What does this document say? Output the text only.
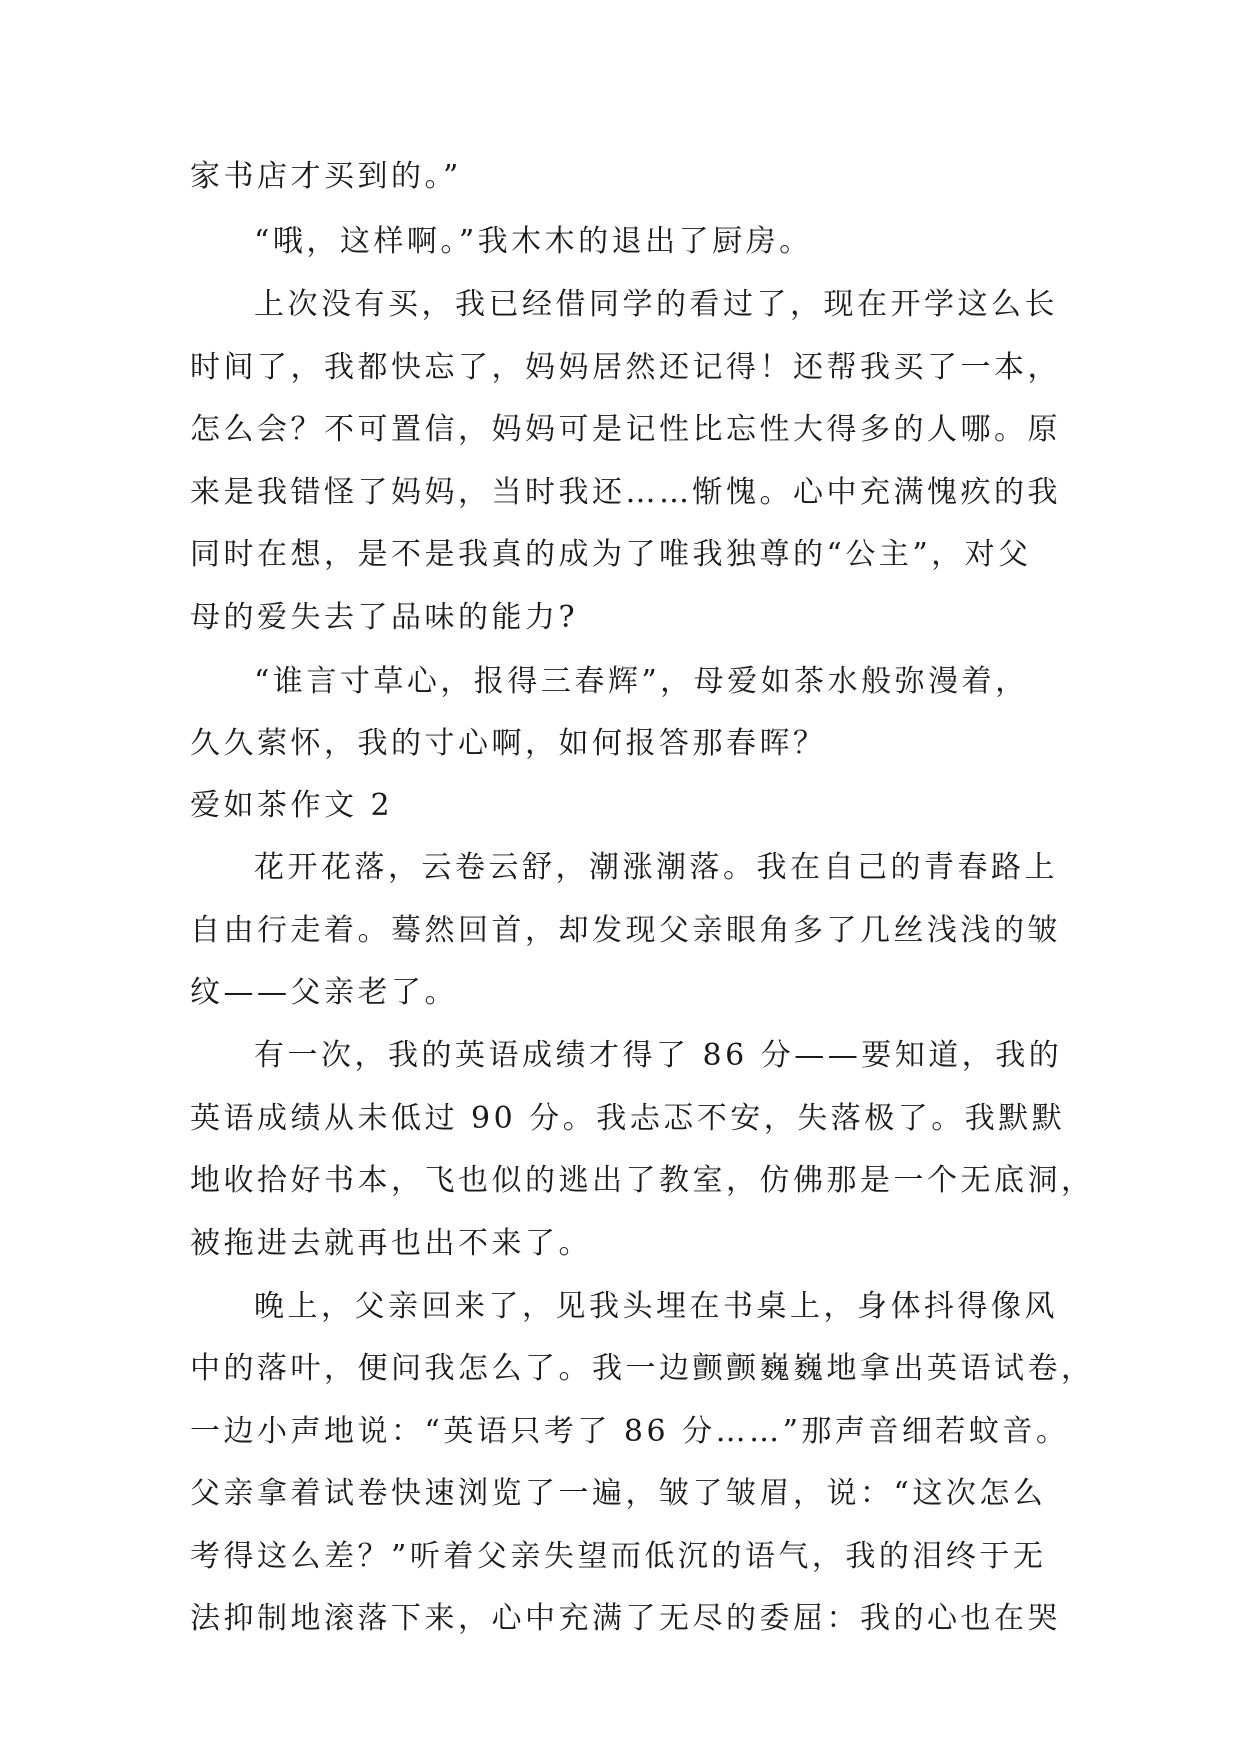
家书店才买到的。”
“哦，这样啊。”我木木的退出了厨房。
上次没有买，我已经借同学的看过了，现在开学这么长
时间了，我都快忘了，妈妈居然还记得！还帮我买了一本，
怎么会？不可置信，妈妈可是记性比忘性大得多的人哪。原
来是我错怪了妈妈，当时我还……惭愧。心中充满愧疚的我
同时在想，是不是我真的成为了唯我独尊的“公主”，对父
母的爱失去了品味的能力?
“谁言寸草心，报得三春辉”，母爱如茶水般弥漫着，
久久萦怀，我的寸心啊，如何报答那春晖？
爱如茶作文 2
花开花落，云卷云舒，潮涨潮落。我在自己的青春路上
自由行走着。蓦然回首，却发现父亲眼角多了几丝浅浅的皱
纹——父亲老了。
有一次，我的英语成绩才得了 86 分——要知道，我的
英语成绩从未低过 90 分。我忐忑不安，失落极了。我默默
地收拾好书本，飞也似的逃出了教室，仿佛那是一个无底洞，
被拖进去就再也出不来了。
晚上，父亲回来了，见我头埋在书桌上，身体抖得像风
中的落叶，便问我怎么了。我一边颤颤巍巍地拿出英语试卷，
一边小声地说：“英语只考了 86 分……”那声音细若蚊音。
父亲拿着试卷快速浏览了一遍，皱了皱眉，说：“这次怎么
考得这么差？”听着父亲失望而低沉的语气，我的泪终于无
法抑制地滚落下来，心中充满了无尽的委屈：我的心也在哭
